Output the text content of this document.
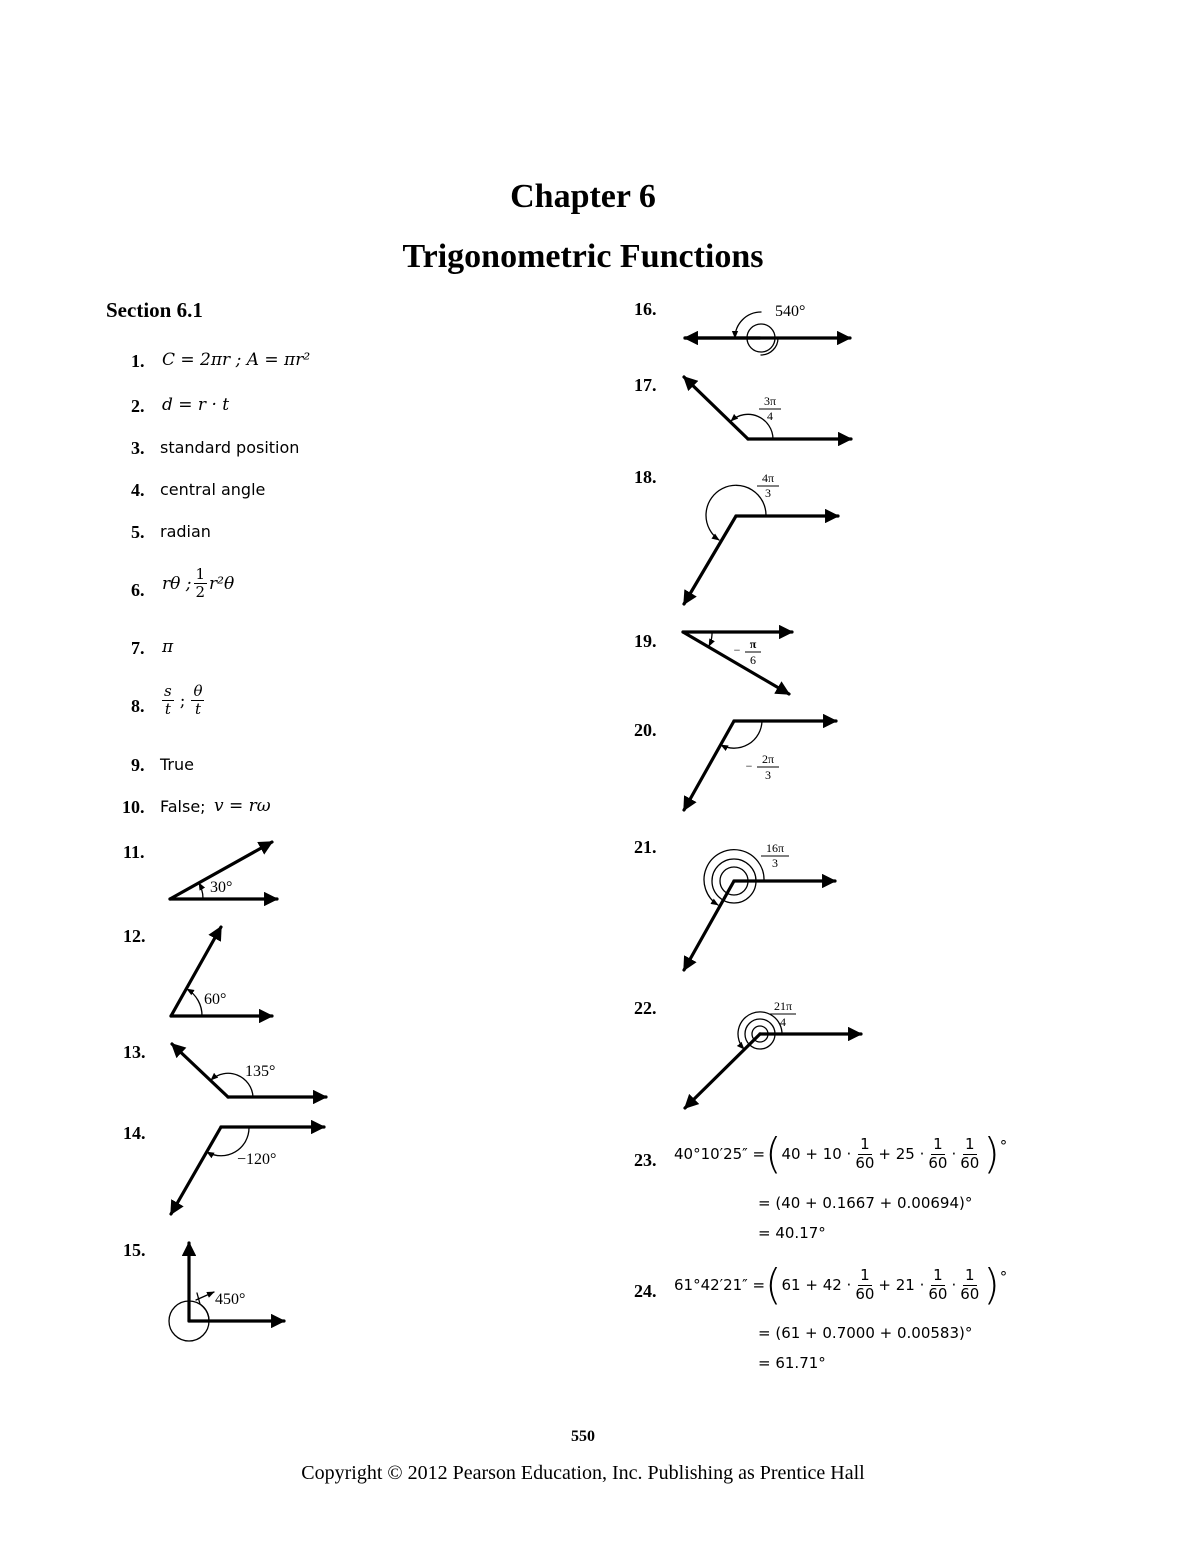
Chapter 6
Trigonometric Functions
Section 6.1
1. C = 2πr ; A = πr²
2. d = r · t
3. standard position
4. central angle
5. radian
6. rθ ; $\frac{1}{2} r^2\theta$
7. π
8. $\frac{s}{t}$ ; $\frac{\theta}{t}$
9. True
10. False; v = rω
11.
12.
13.
14.
15.
16.
17.
18.
19.
20.
21.
22.
30°
60°
135°
−120°
450°
540°
3π
4
4π
3
− π
6
− 2π
3
16π
3
21π
4
23. 40°10′25″ = ( $40 + 10 \cdot \frac{1}{60} + 25 \cdot \frac{1}{60} \cdot \frac{1}{60}$ ) °
= (40 + 0.1667 + 0.00694)°
= 40.17°
24. 61°42′21″ = ( $61 + 42 \cdot \frac{1}{60} + 21 \cdot \frac{1}{60} \cdot \frac{1}{60}$ ) °
= (61 + 0.7000 + 0.00583)°
= 61.71°
550
Copyright © 2012 Pearson Education, Inc. Publishing as Prentice Hall
